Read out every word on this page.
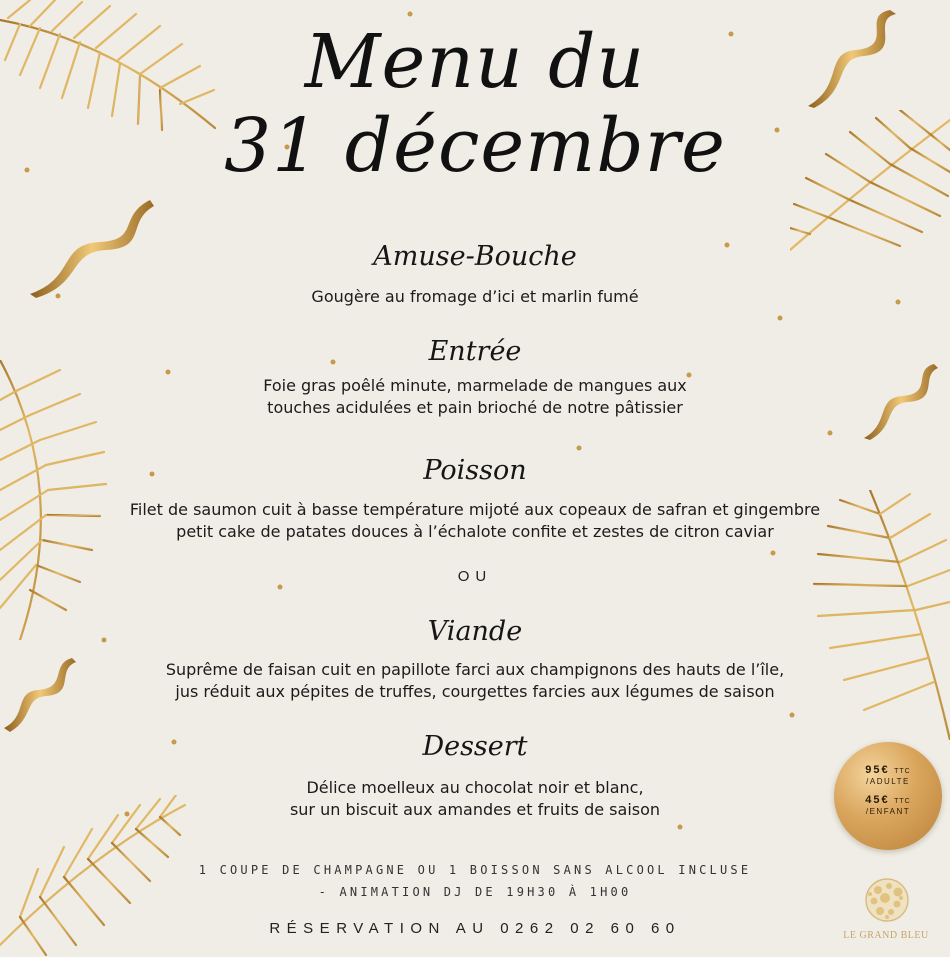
Menu du
31 décembre
Amuse-Bouche
Gougère au fromage d’ici et marlin fumé
Entrée
Foie gras poêlé minute, marmelade de mangues aux
touches acidulées et pain brioché de notre pâtissier
Poisson
Filet de saumon cuit à basse température mijoté aux copeaux de safran et gingembre
petit cake de patates douces à l’échalote confite et zestes de citron caviar
OU
Viande
Suprême de faisan cuit en papillote farci aux champignons des hauts de l’île,
jus réduit aux pépites de truffes, courgettes farcies aux légumes de saison
Dessert
Délice moelleux au chocolat noir et blanc,
sur un biscuit aux amandes et fruits de saison
1 COUPE DE CHAMPAGNE OU 1 BOISSON SANS ALCOOL INCLUSE
- ANIMATION DJ DE 19H30 À 1H00
RÉSERVATION AU 0262 02 60 60
95€ TTC
/ADULTE
45€ TTC
/ENFANT
LE GRAND BLEU
